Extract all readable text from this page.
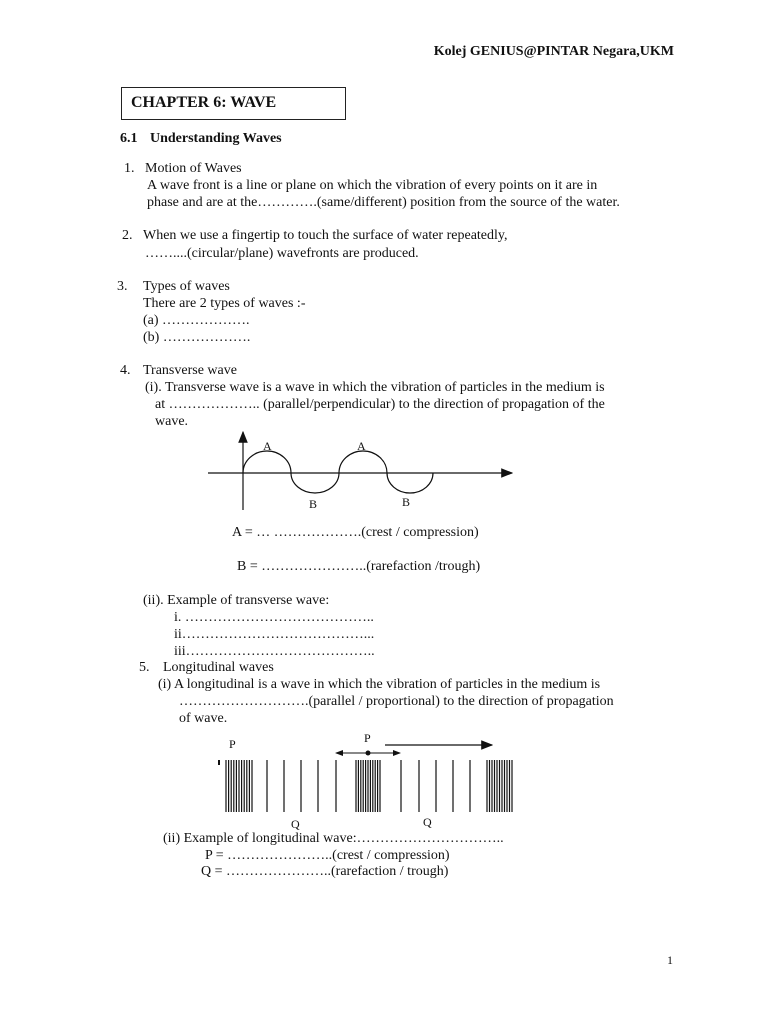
Kolej GENIUS@PINTAR Negara,UKM
CHAPTER 6: WAVE
6.1 Understanding Waves
1. Motion of Waves
A wave front is a line or plane on which the vibration of every points on it are in
phase and are at the………….(same/different) position from the source of the water.
2. When we use a fingertip to touch the surface of water repeatedly,
……....(circular/plane) wavefronts are produced.
3. Types of waves
There are 2 types of waves :-
(a) ……………….
(b) ……………….
4. Transverse wave
(i). Transverse wave is a wave in which the vibration of particles in the medium is
at ……………….. (parallel/perpendicular) to the direction of propagation of the
wave.
A	A
B	B
A = … ……………….(crest / compression)
B = …………………..(rarefaction /trough)
(ii). Example of transverse wave:
i. …………………………………..
ii…………………………………...
iii…………………………………..
5. Longitudinal waves
(i) A longitudinal is a wave in which the vibration of particles in the medium is
……………………….(parallel / proportional) to the direction of propagation
of wave.
P	P
Q	Q
(ii) Example of longitudinal wave:…………………………..
P = …………………..(crest / compression)
Q = …………………..(rarefaction / trough)
1
